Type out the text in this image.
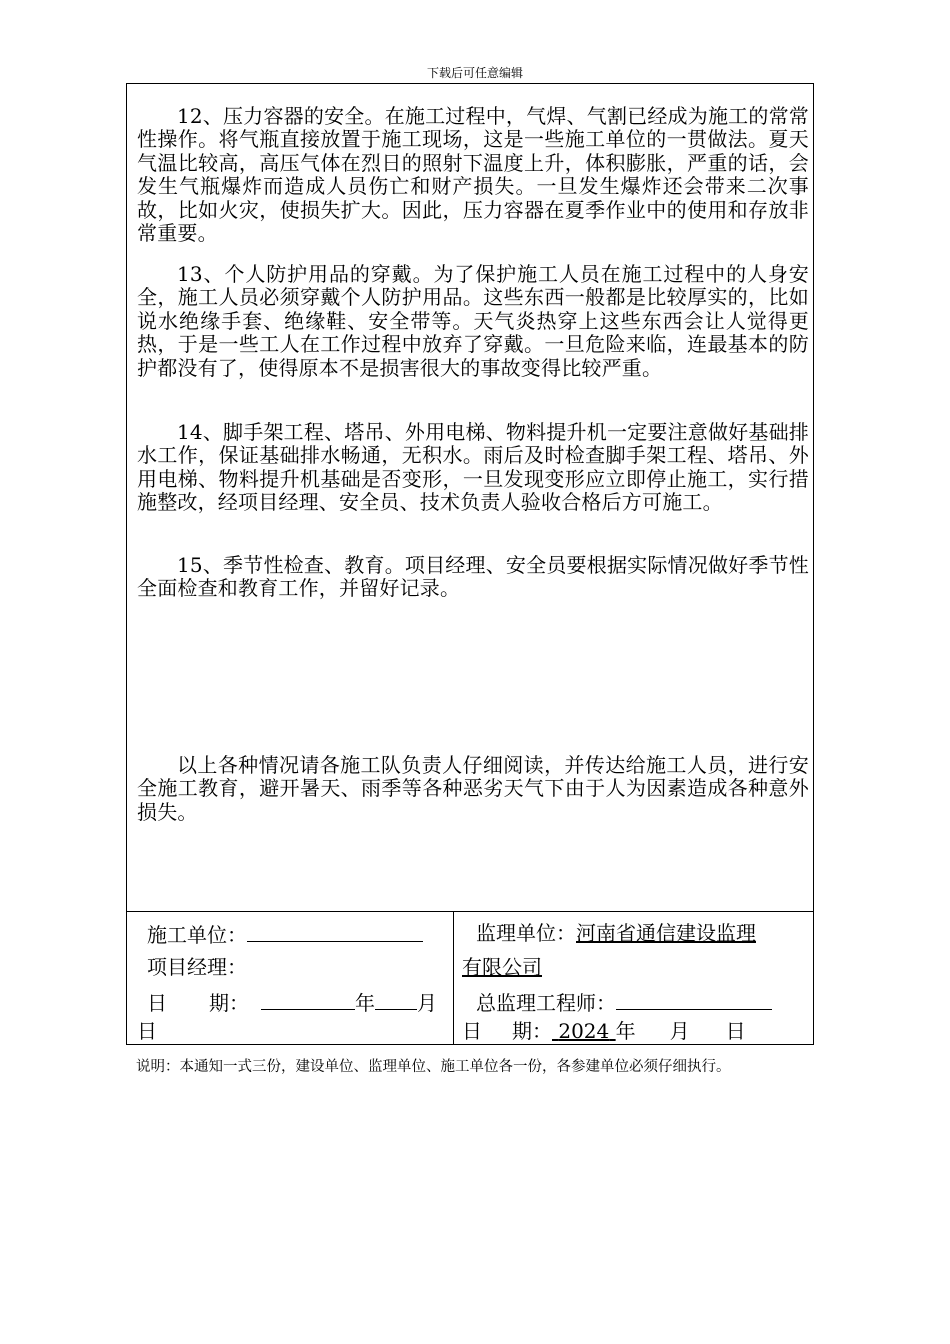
下载后可任意编辑

12、压力容器的安全。在施工过程中，气焊、气割已经成为施工的常常性操作。将气瓶直接放置于施工现场，这是一些施工单位的一贯做法。夏天气温比较高，高压气体在烈日的照射下温度上升，体积膨胀，严重的话，会发生气瓶爆炸而造成人员伤亡和财产损失。一旦发生爆炸还会带来二次事故，比如火灾，使损失扩大。因此，压力容器在夏季作业中的使用和存放非常重要。

13、个人防护用品的穿戴。为了保护施工人员在施工过程中的人身安全，施工人员必须穿戴个人防护用品。这些东西一般都是比较厚实的，比如说水绝缘手套、绝缘鞋、安全带等。天气炎热穿上这些东西会让人觉得更热，于是一些工人在工作过程中放弃了穿戴。一旦危险来临，连最基本的防护都没有了，使得原本不是损害很大的事故变得比较严重。

14、脚手架工程、塔吊、外用电梯、物料提升机一定要注意做好基础排水工作，保证基础排水畅通，无积水。雨后及时检查脚手架工程、塔吊、外用电梯、物料提升机基础是否变形，一旦发现变形应立即停止施工，实行措施整改，经项目经理、安全员、技术负责人验收合格后方可施工。

15、季节性检查、教育。项目经理、安全员要根据实际情况做好季节性全面检查和教育工作，并留好记录。

以上各种情况请各施工队负责人仔细阅读，并传达给施工人员，进行安全施工教育，避开暑天、雨季等各种恶劣天气下由于人为因素造成各种意外损失。

施工单位：
项目经理：
日 期：	年 月
日
监理单位：河南省通信建设监理
有限公司
总监理工程师：
日 期： 2024 年 月 日

说明：本通知一式三份，建设单位、监理单位、施工单位各一份，各参建单位必须仔细执行。
